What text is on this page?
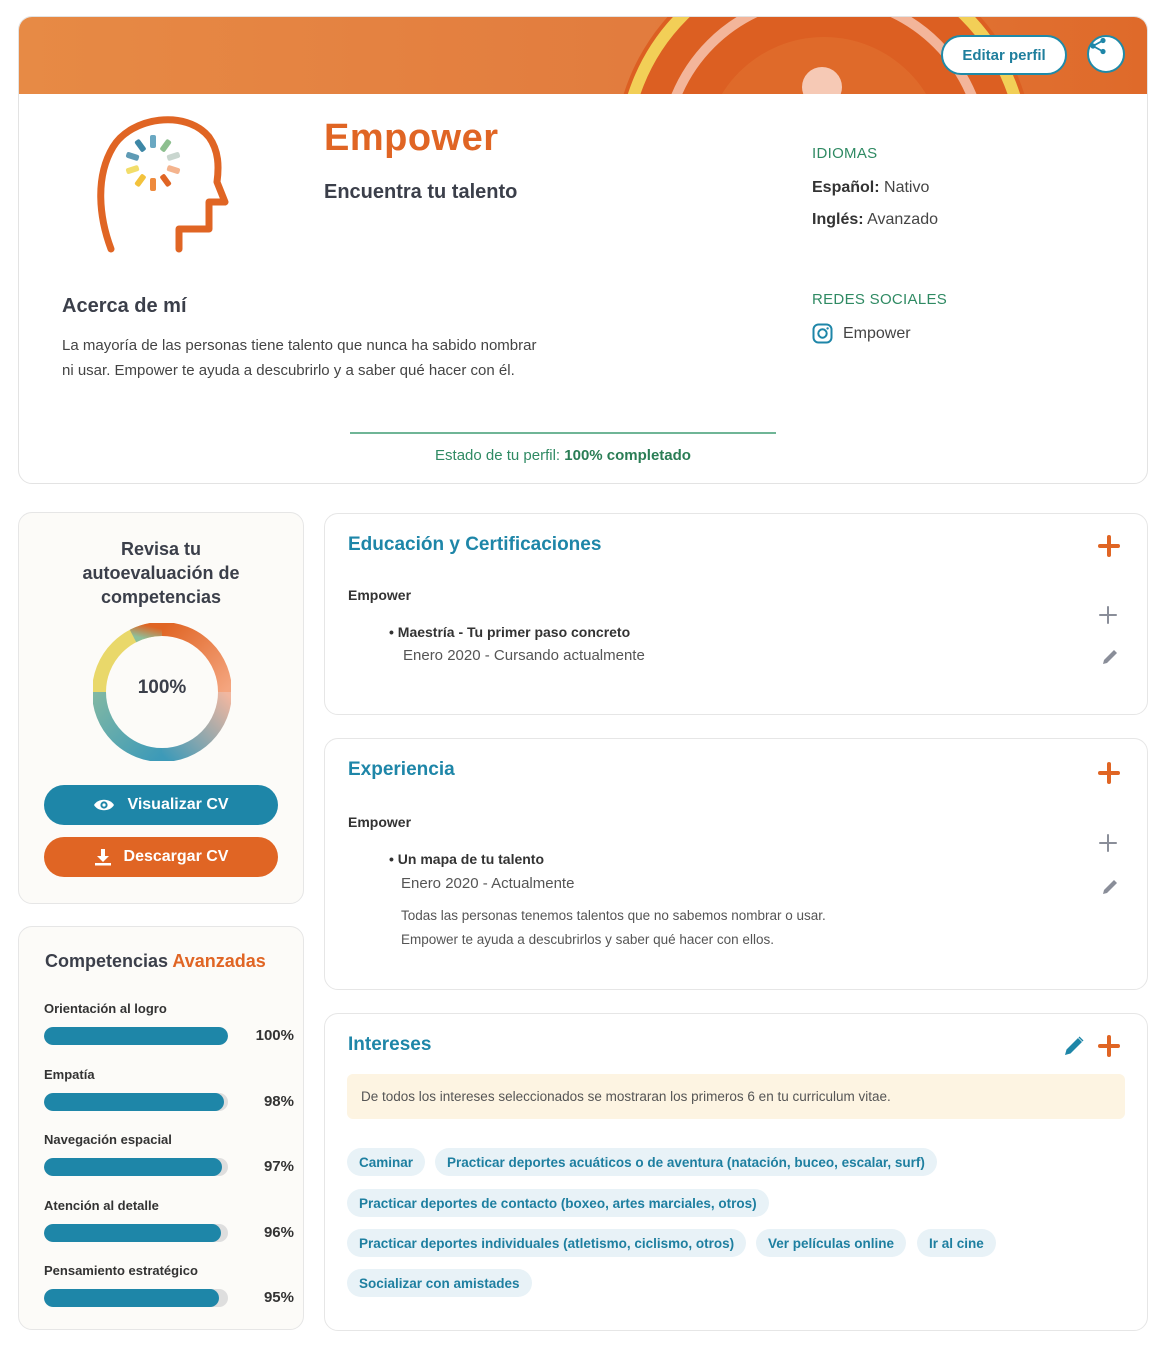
Editar perfil
Empower
Encuentra tu talento
Acerca de mí
La mayoría de las personas tiene talento que nunca ha sabido nombrar ni usar. Empower te ayuda a descubrirlo y a saber qué hacer con él.
IDIOMAS
Español: Nativo
Inglés: Avanzado
REDES SOCIALES
Empower
Estado de tu perfil: 100% completado
Revisa tu autoevaluación de competencias
100%
Visualizar CV
Descargar CV
Competencias Avanzadas
Orientación al logro
100%
Empatía
98%
Navegación espacial
97%
Atención al detalle
96%
Pensamiento estratégico
95%
Educación y Certificaciones
Empower
• Maestría - Tu primer paso concreto
Enero 2020 - Cursando actualmente
Experiencia
Empower
• Un mapa de tu talento
Enero 2020 - Actualmente
Todas las personas tenemos talentos que no sabemos nombrar o usar.
Empower te ayuda a descubrirlos y saber qué hacer con ellos.
Intereses
De todos los intereses seleccionados se mostraran los primeros 6 en tu curriculum vitae.
Caminar	Practicar deportes acuáticos o de aventura (natación, buceo, escalar, surf)
Practicar deportes de contacto (boxeo, artes marciales, otros)
Practicar deportes individuales (atletismo, ciclismo, otros)	Ver películas online	Ir al cine
Socializar con amistades
